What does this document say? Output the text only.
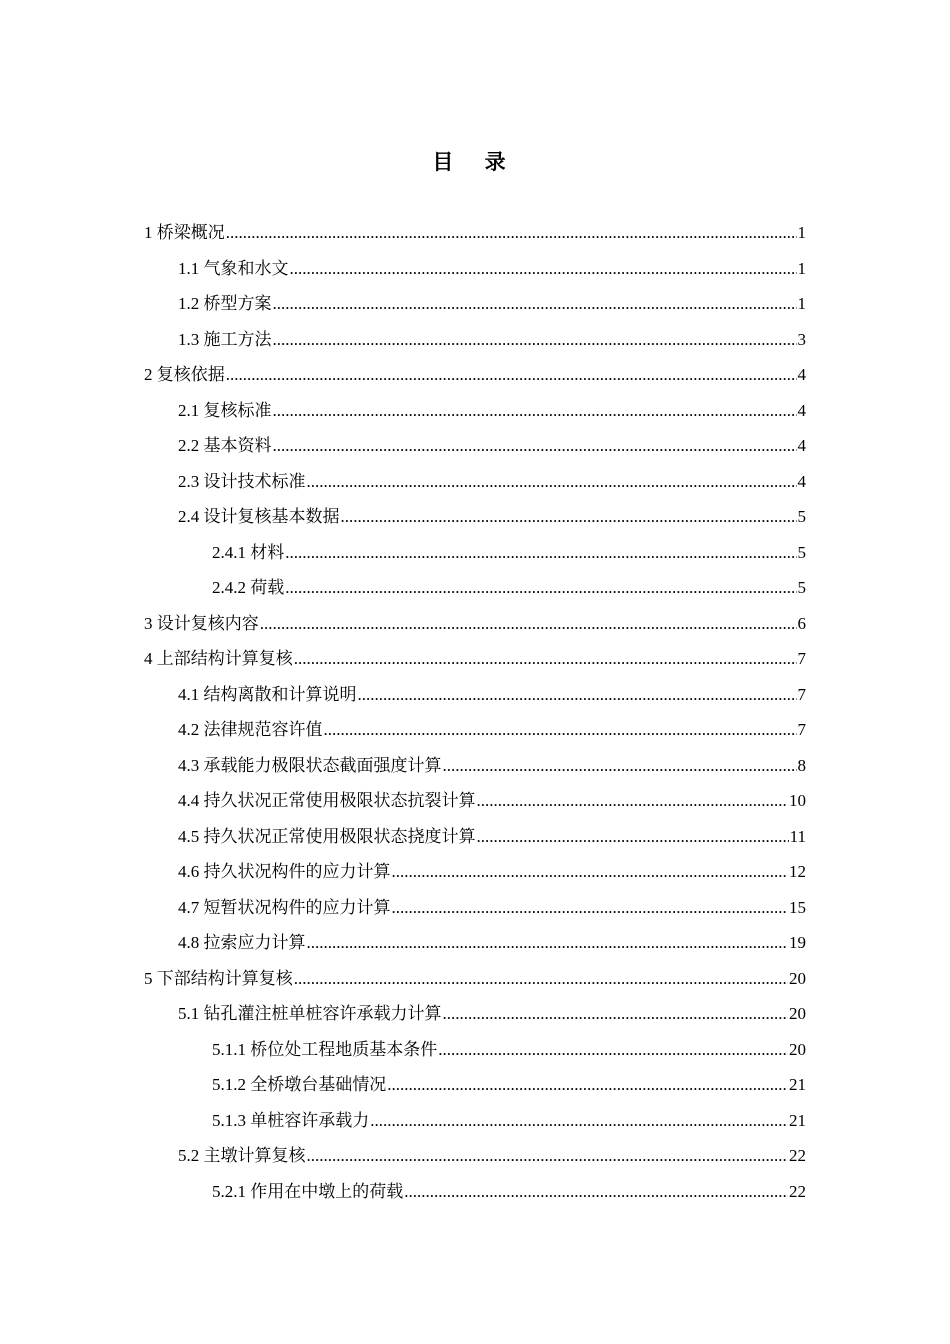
目 录
1 桥梁概况 .....	1
1.1 气象和水文 .....	1
1.2 桥型方案 .....	1
1.3 施工方法 .....	3
2 复核依据 .....	4
2.1 复核标准 .....	4
2.2 基本资料 .....	4
2.3 设计技术标准 .....	4
2.4 设计复核基本数据 .....	5
2.4.1 材料 .....	5
2.4.2 荷载 .....	5
3 设计复核内容 .....	6
4 上部结构计算复核 .....	7
4.1 结构离散和计算说明 .....	7
4.2 法律规范容许值 .....	7
4.3 承载能力极限状态截面强度计算 .....	8
4.4 持久状况正常使用极限状态抗裂计算 .....	10
4.5 持久状况正常使用极限状态挠度计算 .....	11
4.6 持久状况构件的应力计算 .....	12
4.7 短暂状况构件的应力计算 .....	15
4.8 拉索应力计算 .....	19
5 下部结构计算复核 .....	20
5.1 钻孔灌注桩单桩容许承载力计算 .....	20
5.1.1 桥位处工程地质基本条件 .....	20
5.1.2 全桥墩台基础情况 .....	21
5.1.3 单桩容许承载力 .....	21
5.2 主墩计算复核 .....	22
5.2.1 作用在中墩上的荷载 .....	22
